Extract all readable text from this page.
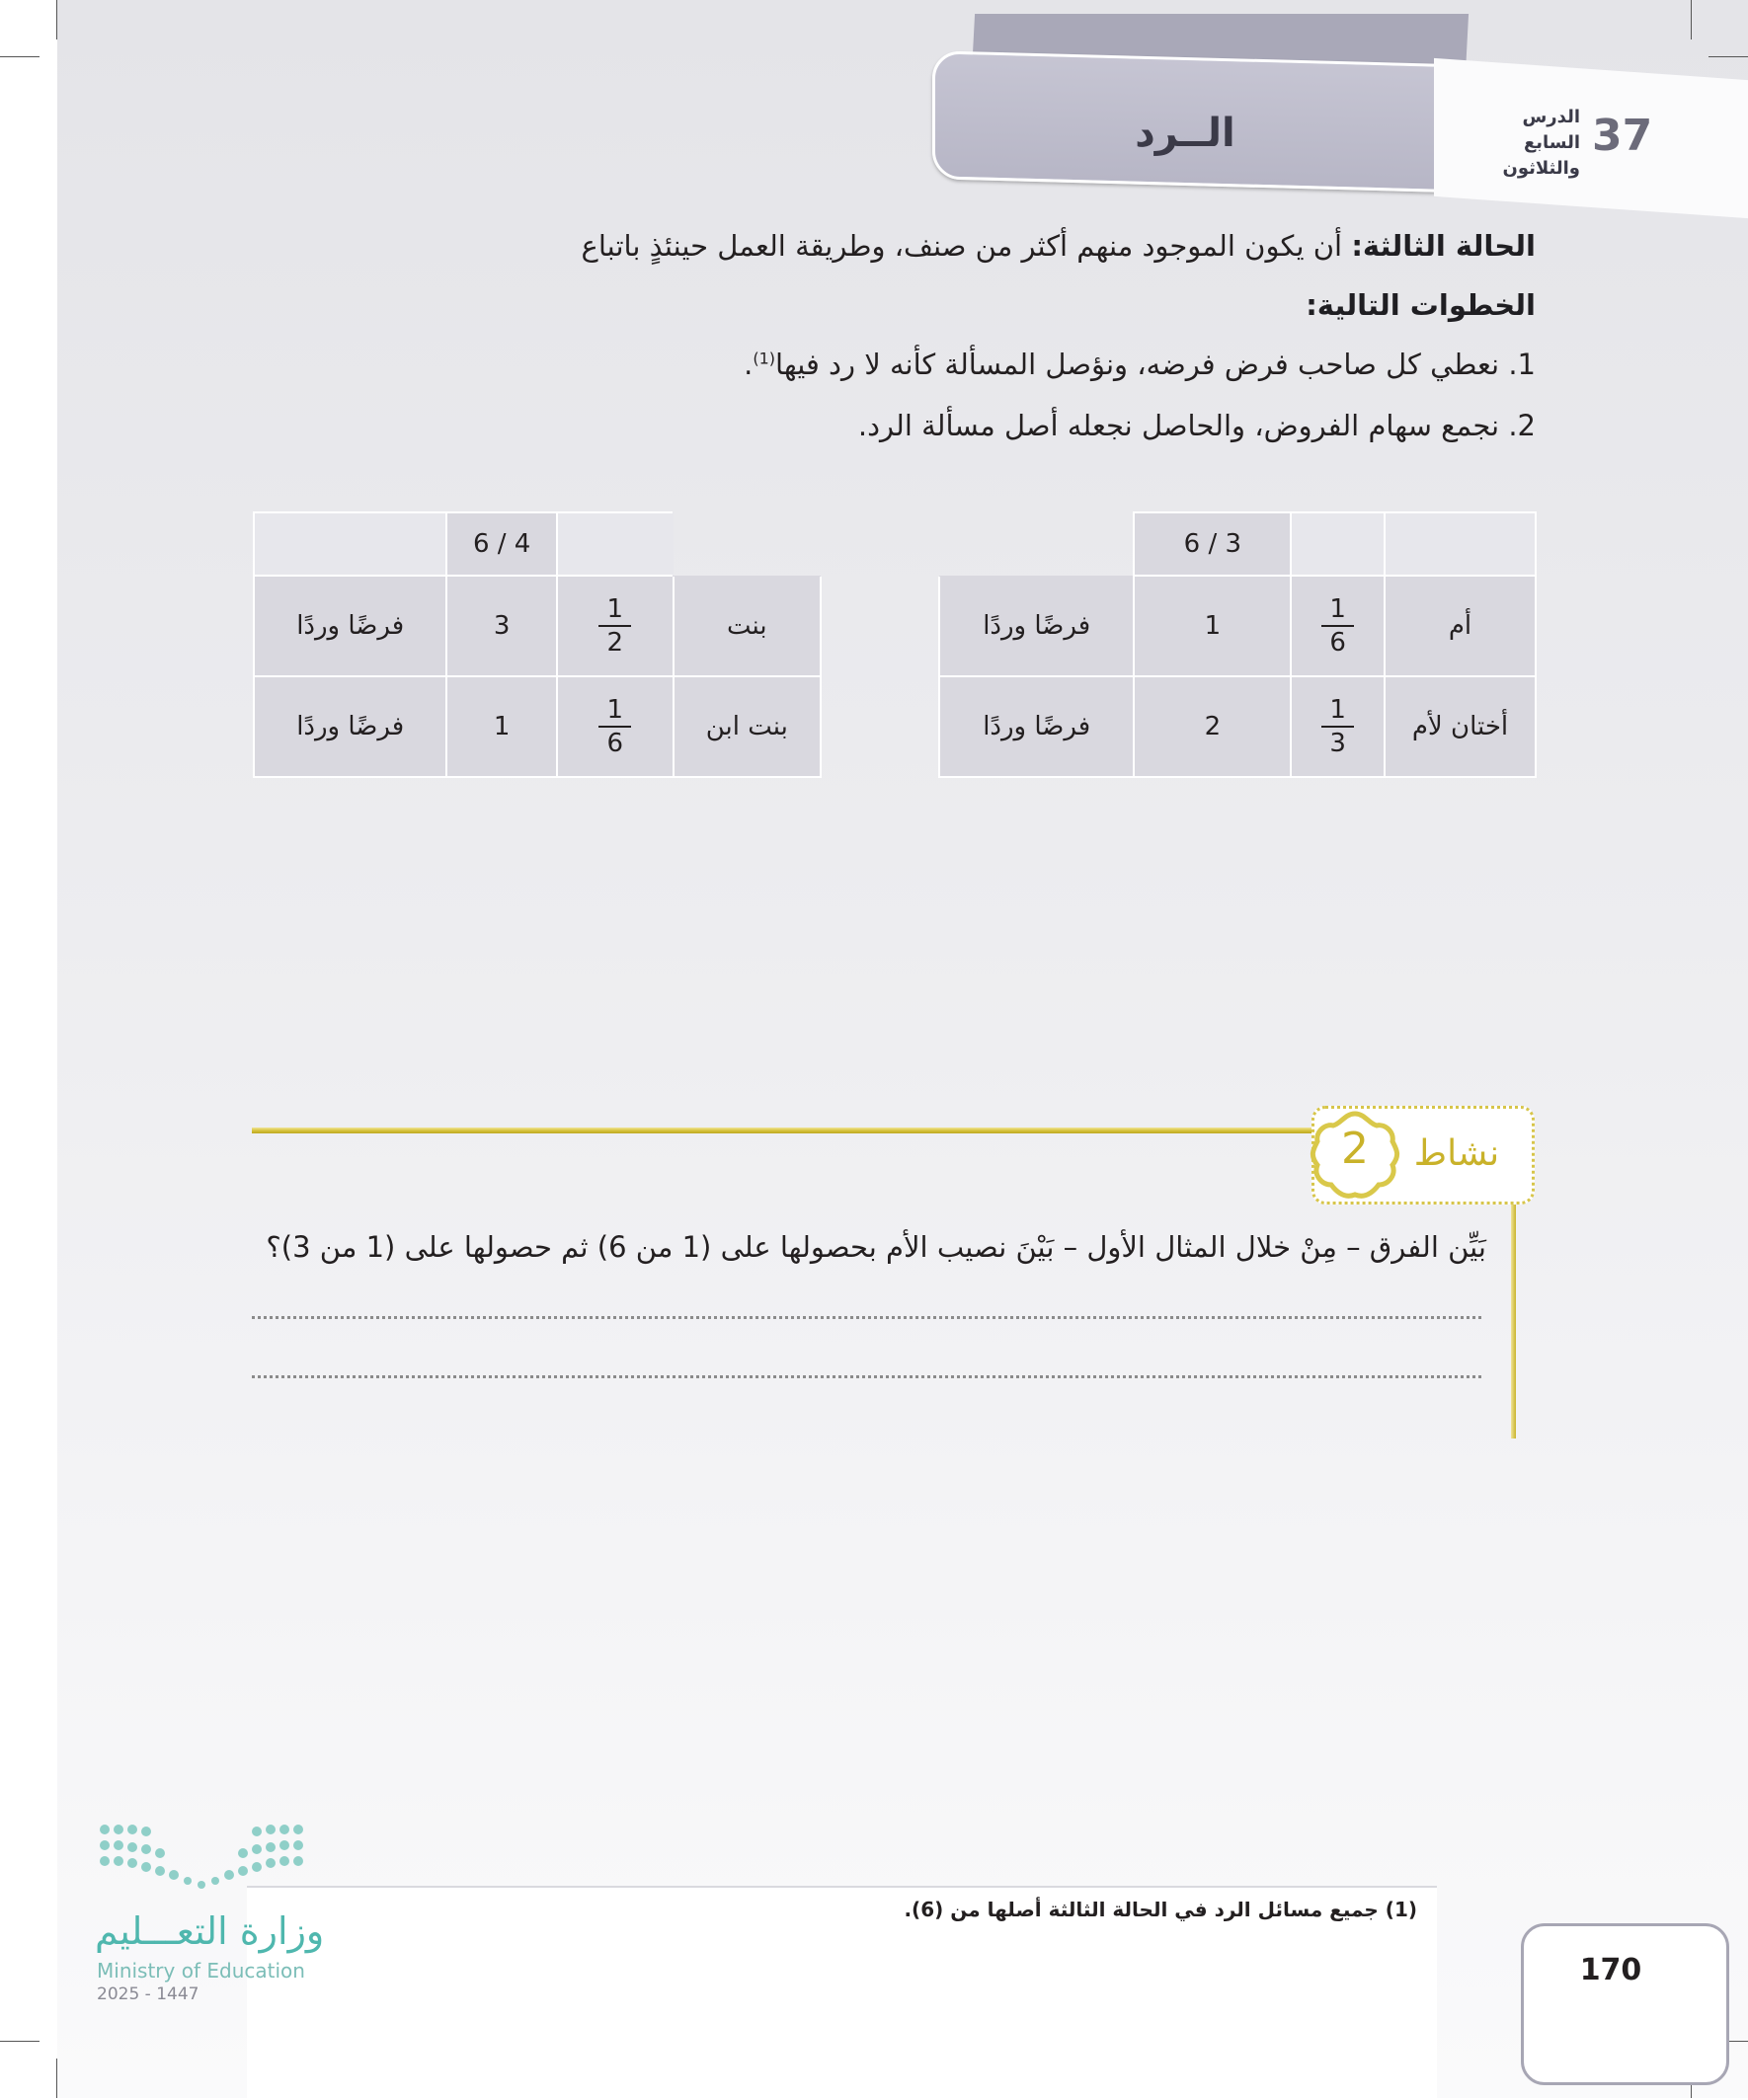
الــرد	37
الدرس
السابع والثلاثون
الحالة الثالثة: أن يكون الموجود منهم أكثر من صنف، وطريقة العمل حينئذٍ باتباع
الخطوات التالية:
1. نعطي كل صاحب فرض فرضه، ونؤصل المسألة كأنه لا رد فيها$^{(1)}$.
2. نجمع سهام الفروض، والحاصل نجعله أصل مسألة الرد.
		3 / 6	
أم	$\frac{1}{6}$	1	فرضًا وردًا
أختان لأم	$\frac{1}{3}$	2	فرضًا وردًا
		4 / 6	
بنت	$\frac{1}{2}$	3	فرضًا وردًا
بنت ابن	$\frac{1}{6}$	1	فرضًا وردًا
2	نشاط
بَيِّن الفرق – مِنْ خلال المثال الأول – بَيْنَ نصيب الأم بحصولها على (1 من 6) ثم حصولها على (1 من 3)؟
(1) جميع مسائل الرد في الحالة الثالثة أصلها من (6).
170
وزارة التعـــليم
Ministry of Education
2025 - 1447
